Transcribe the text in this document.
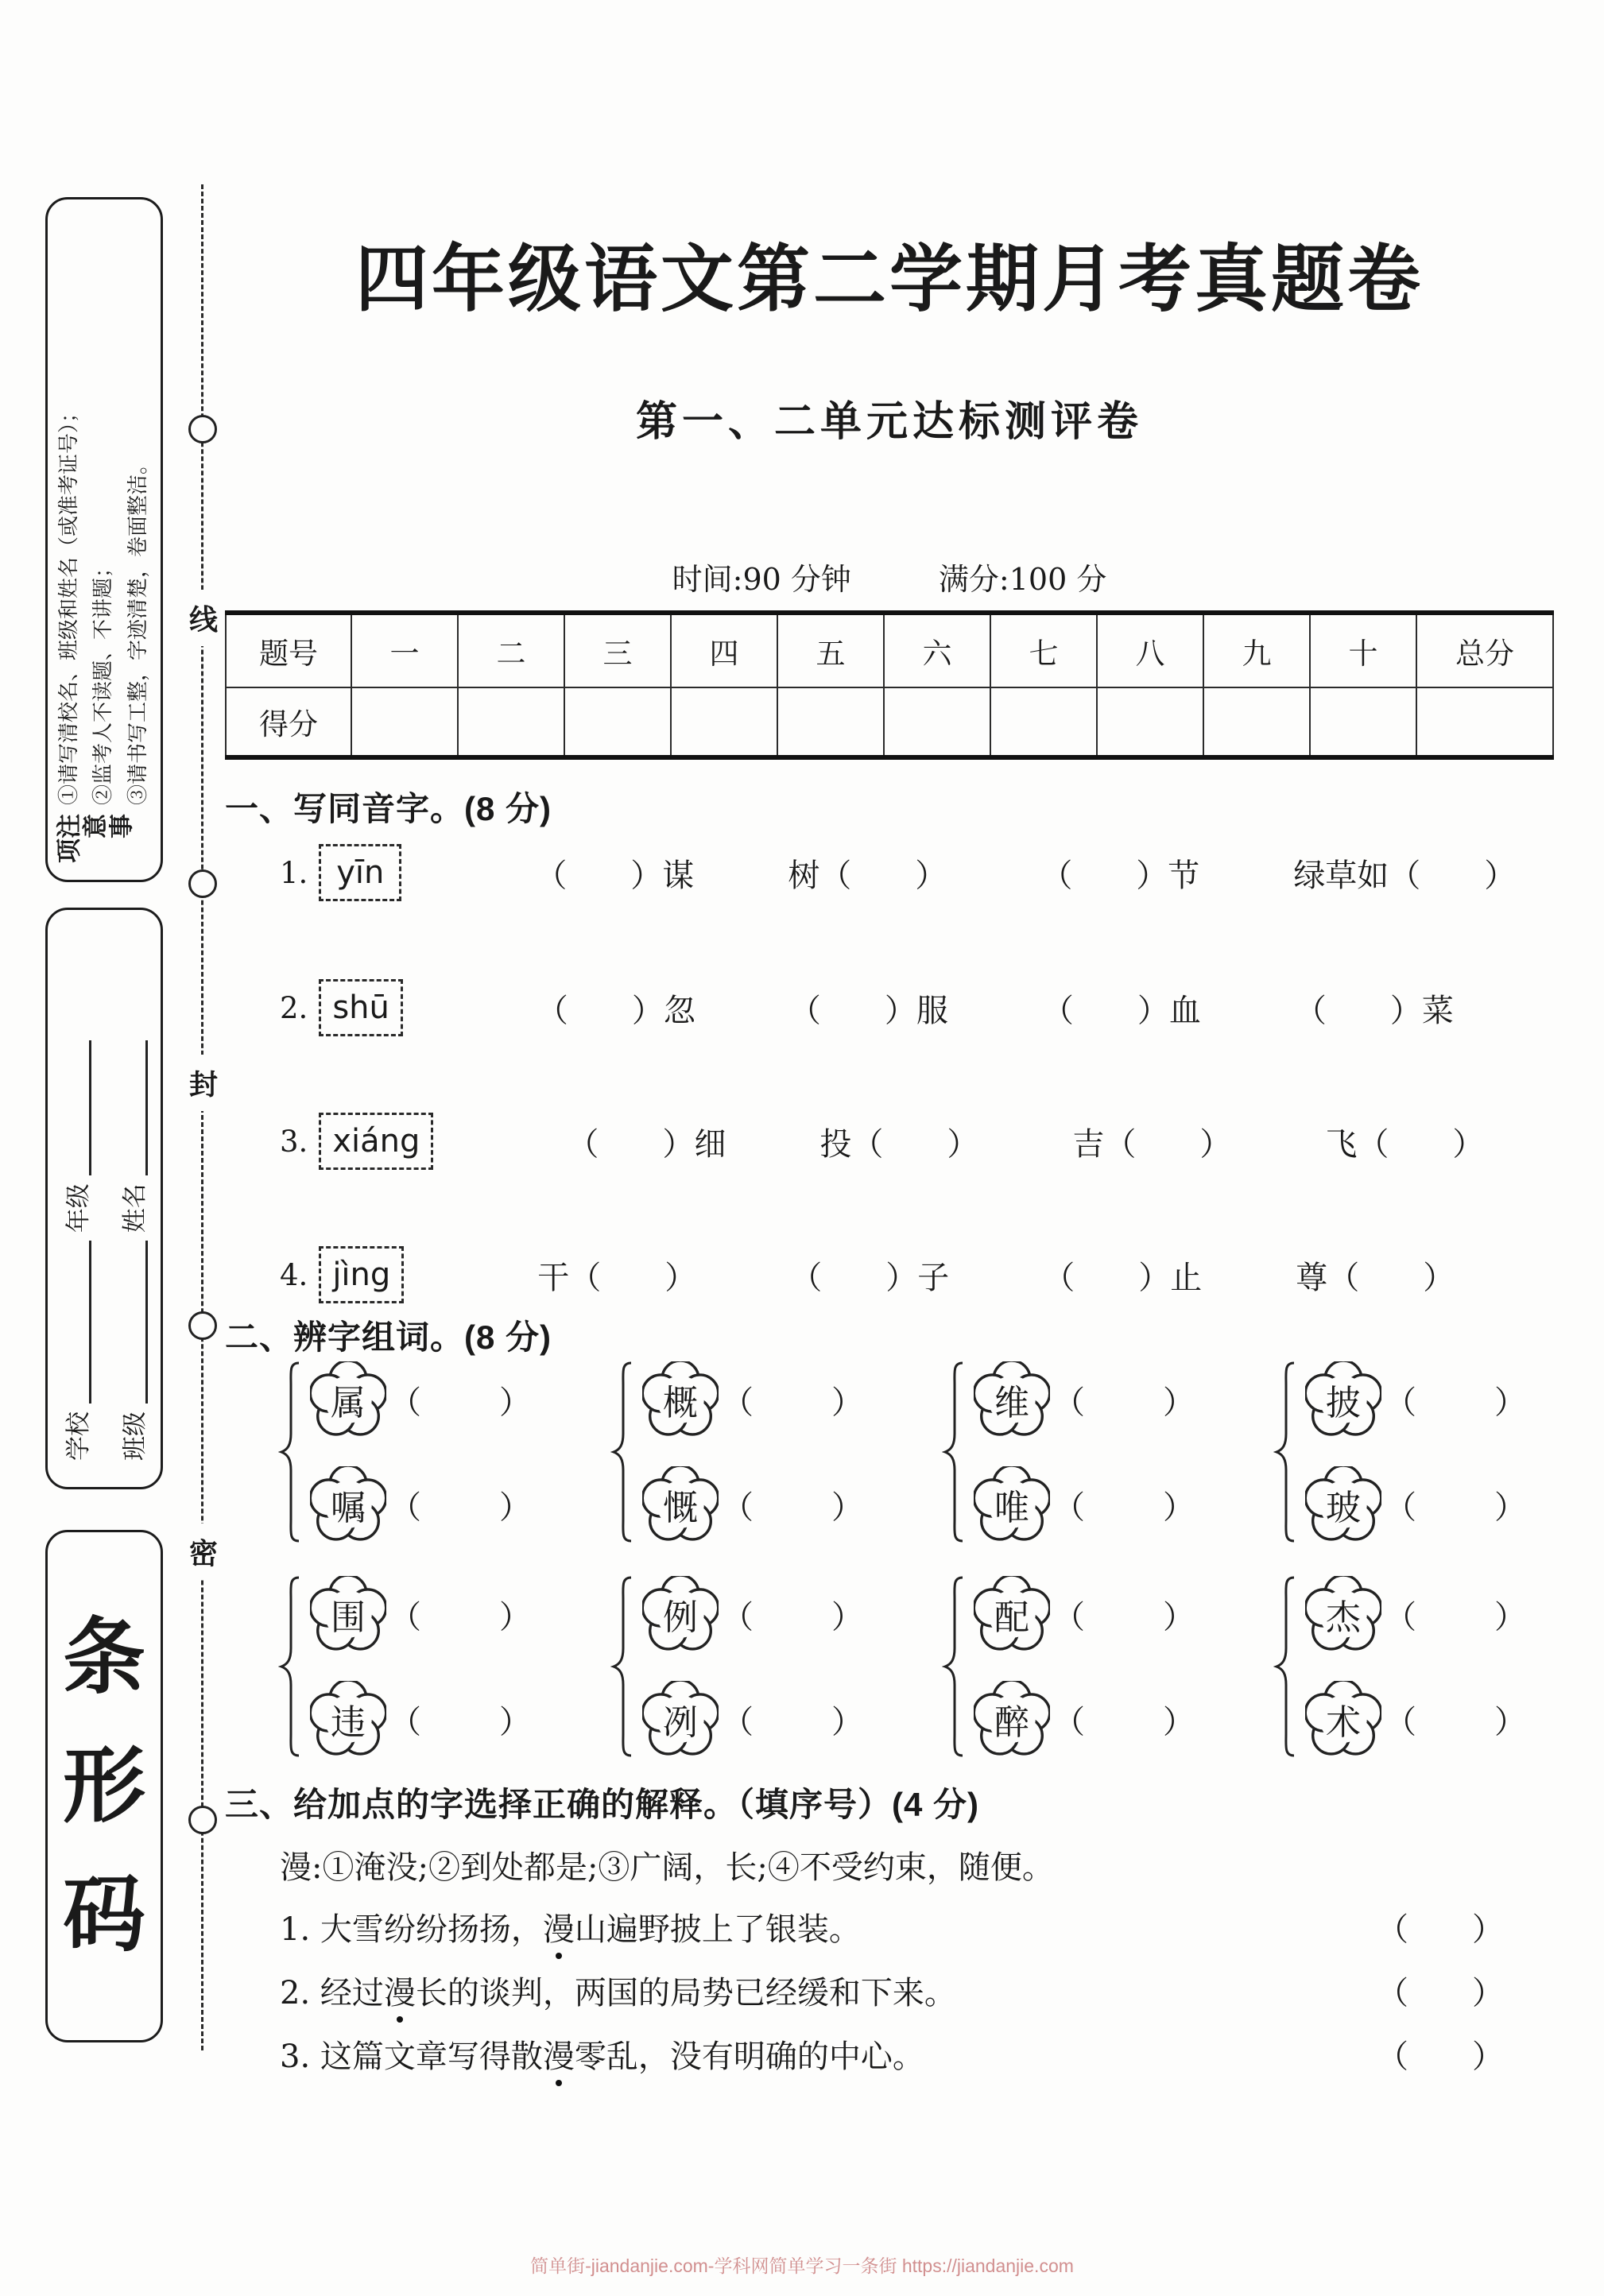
注意事项
①请写清校名、班级和姓名（或准考证号）； ②监考人不读题、不讲题； ③请书写工整，字迹清楚，卷面整洁。
学校  年级
班级  姓名
条
形
码
线
封
密
四年级语文第二学期月考真题卷
第一、二单元达标测评卷
时间:90 分钟	满分:100 分
题号	一	二	三	四	五	六	七	八	九	十	总分
得分											
一、写同音字。(8 分)
1. yīn	（　　）谋	树（　　）	（　　）节	绿草如（　　）
2. shū	（　　）忽	（　　）服	（　　）血	（　　）菜
3. xiáng	（　　）细	投（　　）	吉（　　）	飞（　　）
4. jìng	干（　　）	（　　）子	（　　）止	尊（　　）
二、辨字组词。(8 分)
属 （　　）
嘱 （　　）
概 （　　）
慨 （　　）
维 （　　）
唯 （　　）
披 （　　）
玻 （　　）
围 （　　）
违 （　　）
例 （　　）
冽 （　　）
配 （　　）
醉 （　　）
杰 （　　）
术 （　　）
三、给加点的字选择正确的解释。（填序号）(4 分)
漫:①淹没;②到处都是;③广阔，长;④不受约束，随便。
1. 大雪纷纷扬扬，漫山遍野披上了银装。	（　　）
2. 经过漫长的谈判，两国的局势已经缓和下来。	（　　）
3. 这篇文章写得散漫零乱，没有明确的中心。	（　　）
简单街-jiandanjie.com-学科网简单学习一条街 https://jiandanjie.com
